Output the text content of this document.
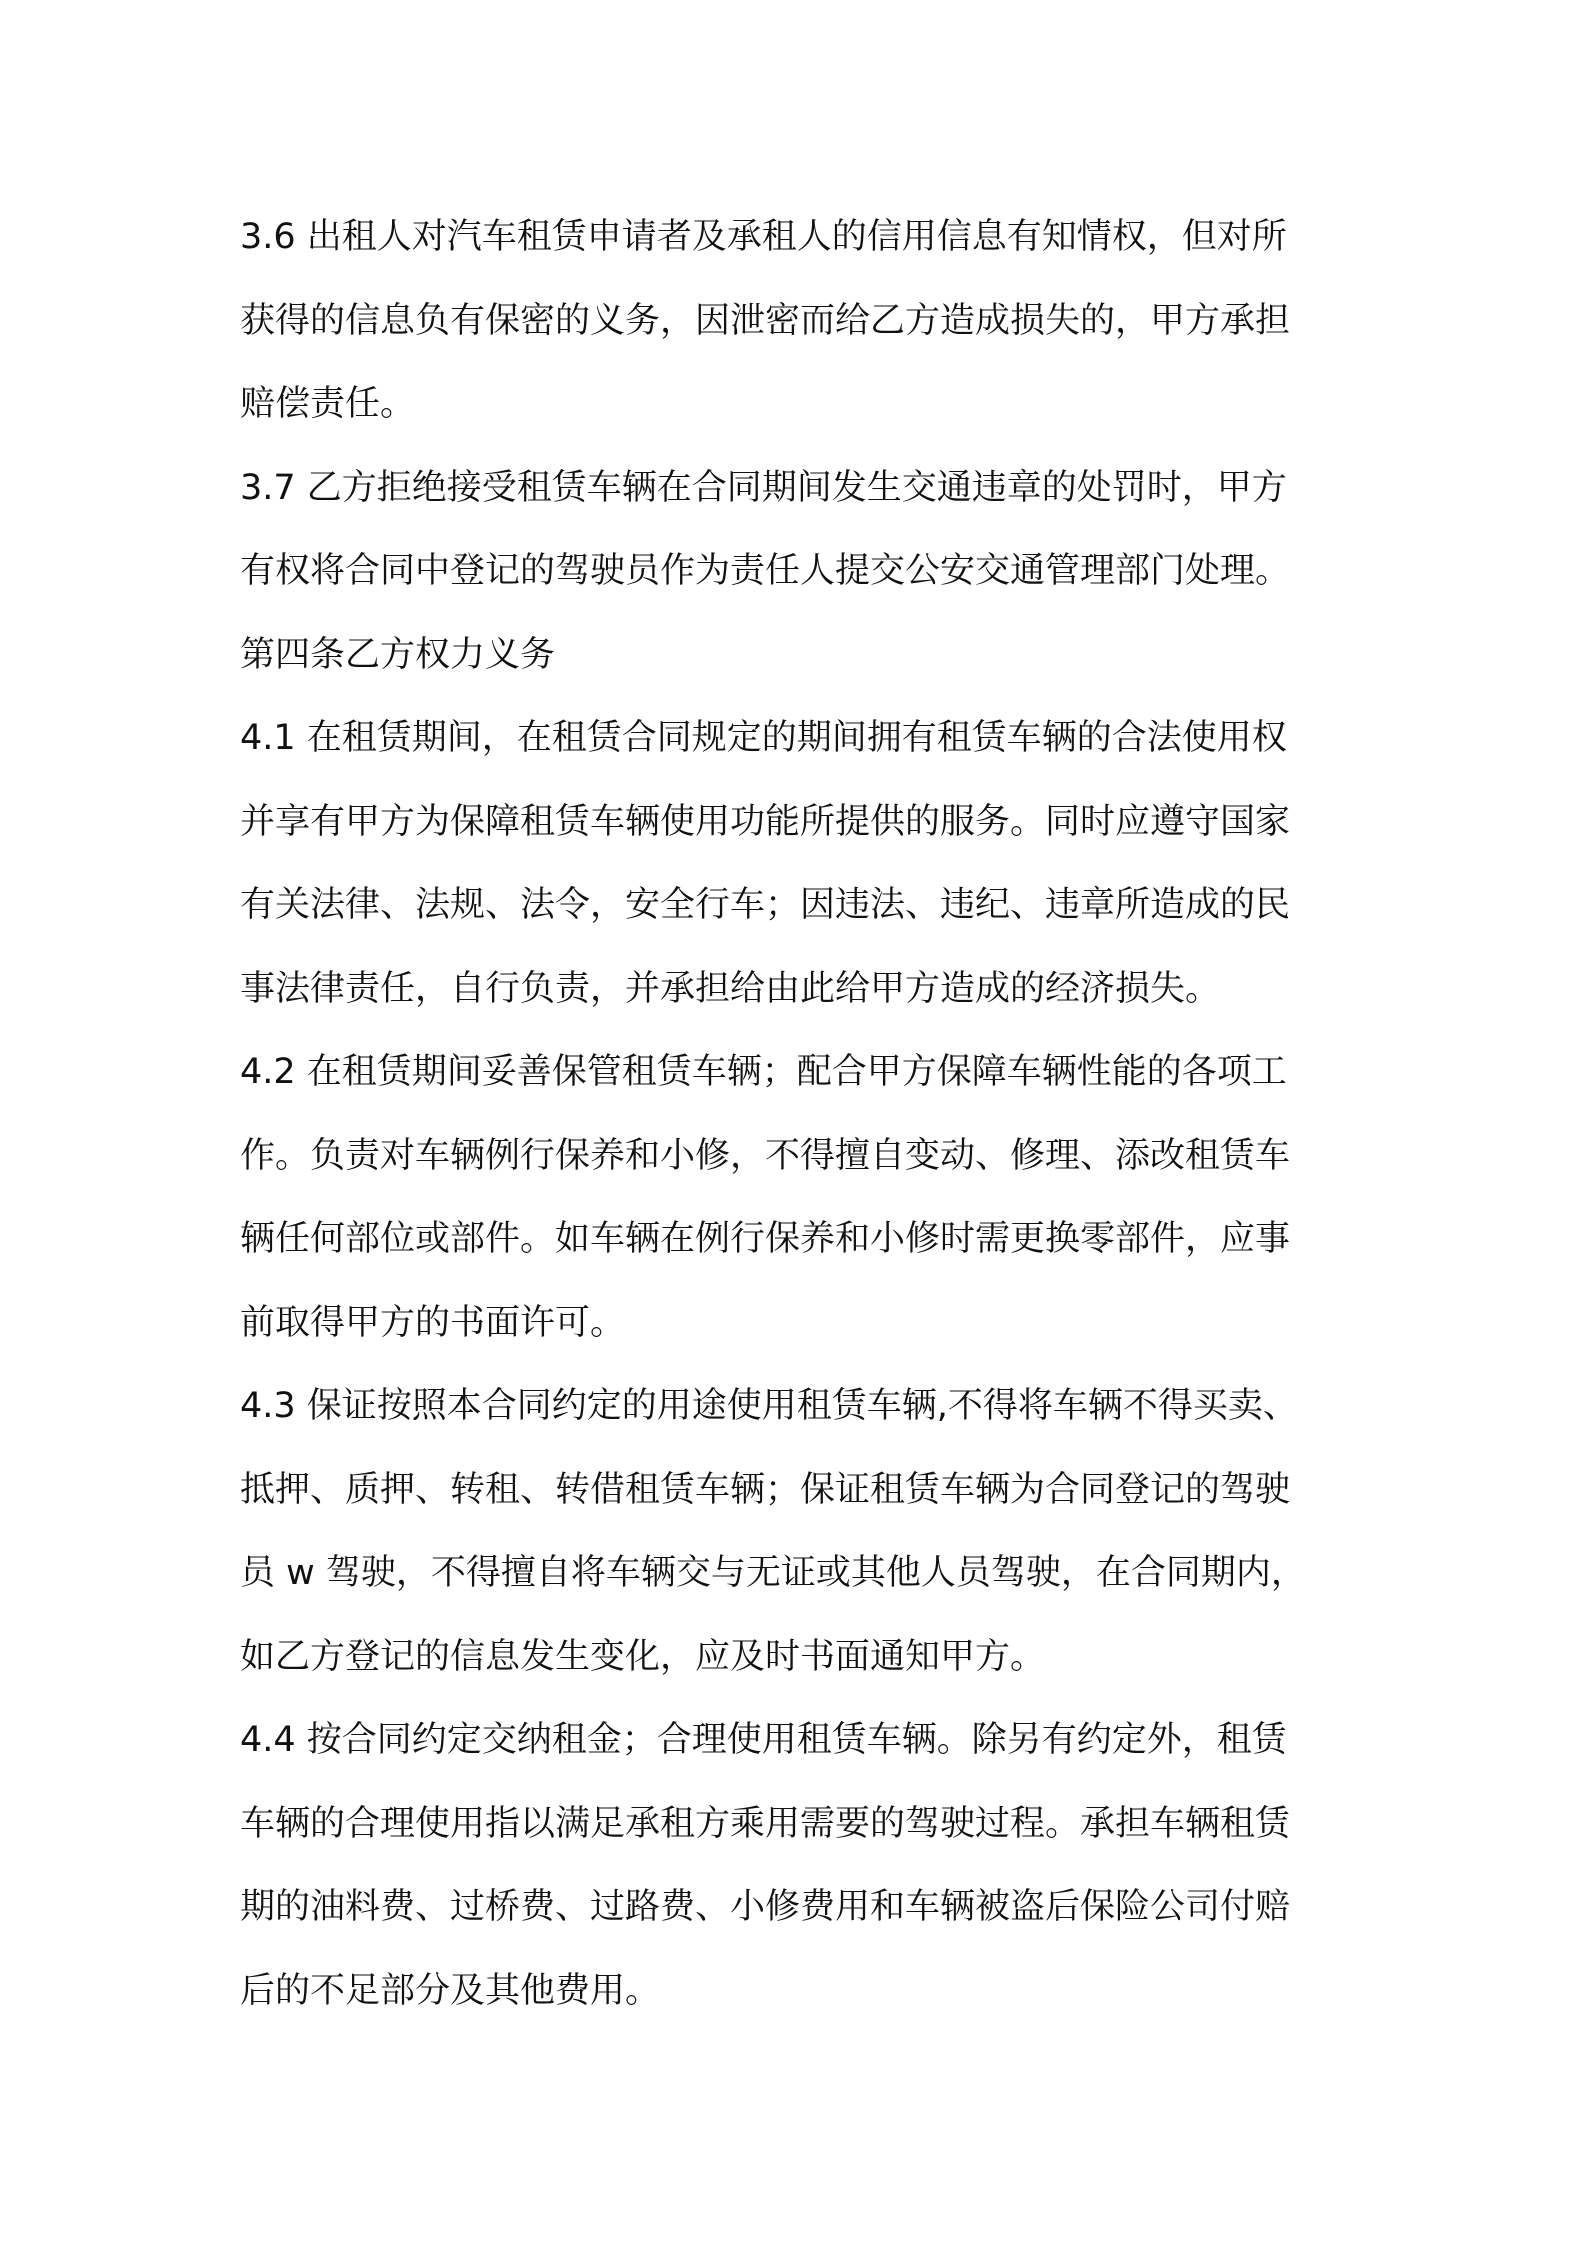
3.6 出租人对汽车租赁申请者及承租人的信用信息有知情权，但对所
获得的信息负有保密的义务，因泄密而给乙方造成损失的，甲方承担
赔偿责任。
3.7 乙方拒绝接受租赁车辆在合同期间发生交通违章的处罚时，甲方
有权将合同中登记的驾驶员作为责任人提交公安交通管理部门处理。
第四条乙方权力义务
4.1 在租赁期间，在租赁合同规定的期间拥有租赁车辆的合法使用权
并享有甲方为保障租赁车辆使用功能所提供的服务。同时应遵守国家
有关法律、法规、法令，安全行车；因违法、违纪、违章所造成的民
事法律责任，自行负责，并承担给由此给甲方造成的经济损失。
4.2 在租赁期间妥善保管租赁车辆；配合甲方保障车辆性能的各项工
作。负责对车辆例行保养和小修，不得擅自变动、修理、添改租赁车
辆任何部位或部件。如车辆在例行保养和小修时需更换零部件，应事
前取得甲方的书面许可。
4.3 保证按照本合同约定的用途使用租赁车辆,不得将车辆不得买卖、
抵押、质押、转租、转借租赁车辆；保证租赁车辆为合同登记的驾驶
员 w 驾驶，不得擅自将车辆交与无证或其他人员驾驶，在合同期内，
如乙方登记的信息发生变化，应及时书面通知甲方。
4.4 按合同约定交纳租金；合理使用租赁车辆。除另有约定外，租赁
车辆的合理使用指以满足承租方乘用需要的驾驶过程。承担车辆租赁
期的油料费、过桥费、过路费、小修费用和车辆被盗后保险公司付赔
后的不足部分及其他费用。
